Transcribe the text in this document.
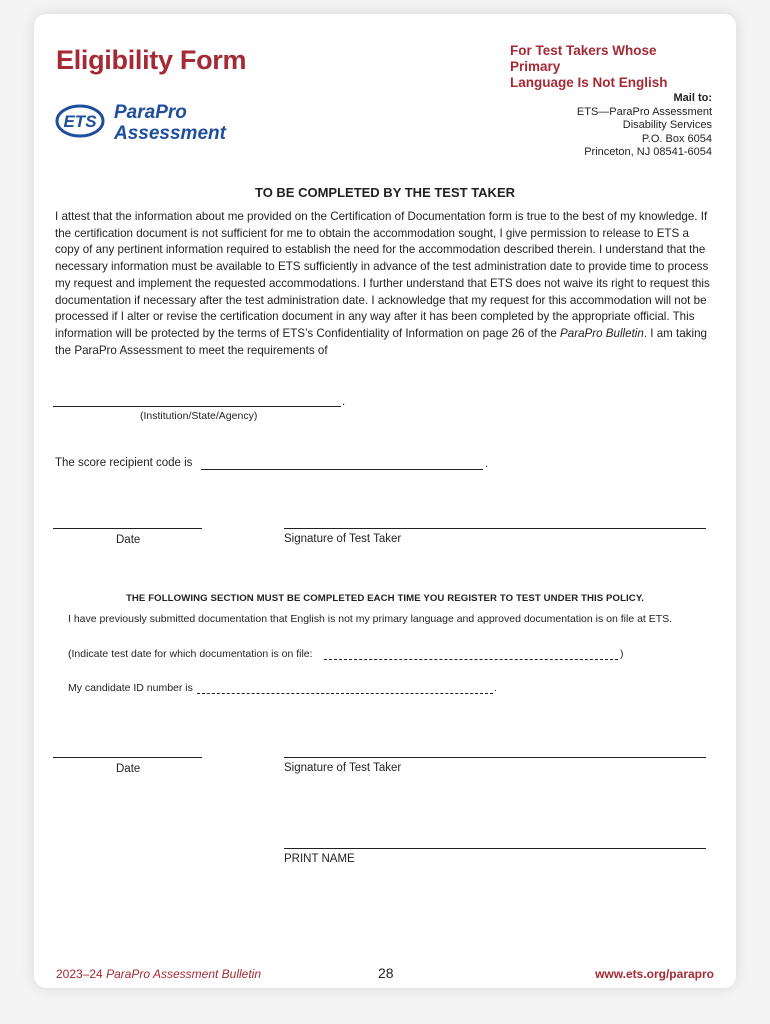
Eligibility Form	For Test Takers Whose Primary
Language Is Not English
ETS ParaPro
Assessment
Mail to:
ETS—ParaPro Assessment
Disability Services
P.O. Box 6054
Princeton, NJ 08541-6054
TO BE COMPLETED BY THE TEST TAKER
I attest that the information about me provided on the Certification of Documentation form is true to the best of my knowledge. If the certification document is not sufficient for me to obtain the accommodation sought, I give permission to release to ETS a copy of any pertinent information required to establish the need for the accommodation described therein. I understand that the necessary information must be available to ETS sufficiently in advance of the test administration date to provide time to process my request and implement the requested accommodations. I further understand that ETS does not waive its right to request this documentation if necessary after the test administration date. I acknowledge that my request for this accommodation will not be processed if I alter or revise the certification document in any way after it has been completed by the appropriate official. This information will be protected by the terms of ETS’s Confidentiality of Information on page 26 of the ParaPro Bulletin. I am taking the ParaPro Assessment to meet the requirements of
.
(Institution/State/Agency)
The score recipient code is	.
Date	Signature of Test Taker
THE FOLLOWING SECTION MUST BE COMPLETED EACH TIME YOU REGISTER TO TEST UNDER THIS POLICY.
I have previously submitted documentation that English is not my primary language and approved documentation is on file at ETS.
(Indicate test date for which documentation is on file:	)
My candidate ID number is	.
Date	Signature of Test Taker
PRINT NAME
2023–24 ParaPro Assessment Bulletin	28	www.ets.org/parapro
